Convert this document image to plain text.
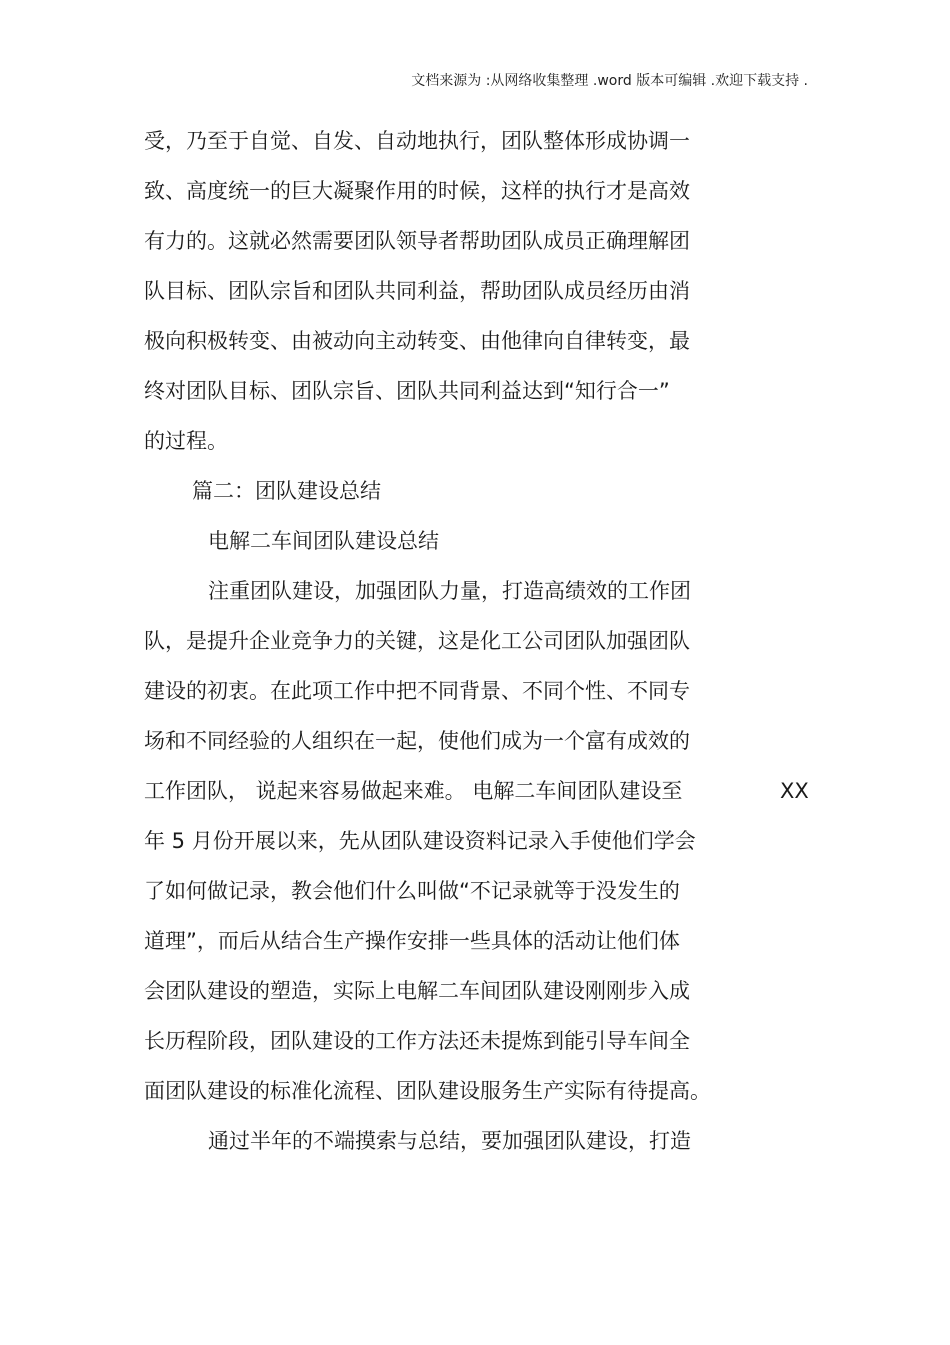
文档来源为 :从网络收集整理 .word 版本可编辑 .欢迎下载支持 .
受，乃至于自觉、自发、自动地执行，团队整体形成协调一
致、高度统一的巨大凝聚作用的时候，这样的执行才是高效
有力的。这就必然需要团队领导者帮助团队成员正确理解团
队目标、团队宗旨和团队共同利益，帮助团队成员经历由消
极向积极转变、由被动向主动转变、由他律向自律转变，最
终对团队目标、团队宗旨、团队共同利益达到“知行合一”
的过程。
篇二：团队建设总结
电解二车间团队建设总结
注重团队建设，加强团队力量，打造高绩效的工作团
队，是提升企业竞争力的关键，这是化工公司团队加强团队
建设的初衷。在此项工作中把不同背景、不同个性、不同专
场和不同经验的人组织在一起，使他们成为一个富有成效的
工作团队， 说起来容易做起来难。 电解二车间团队建设至	XX
年 5 月份开展以来，先从团队建设资料记录入手使他们学会
了如何做记录，教会他们什么叫做“不记录就等于没发生的
道理”，而后从结合生产操作安排一些具体的活动让他们体
会团队建设的塑造，实际上电解二车间团队建设刚刚步入成
长历程阶段，团队建设的工作方法还未提炼到能引导车间全
面团队建设的标准化流程、团队建设服务生产实际有待提高。
通过半年的不端摸索与总结，要加强团队建设，打造
